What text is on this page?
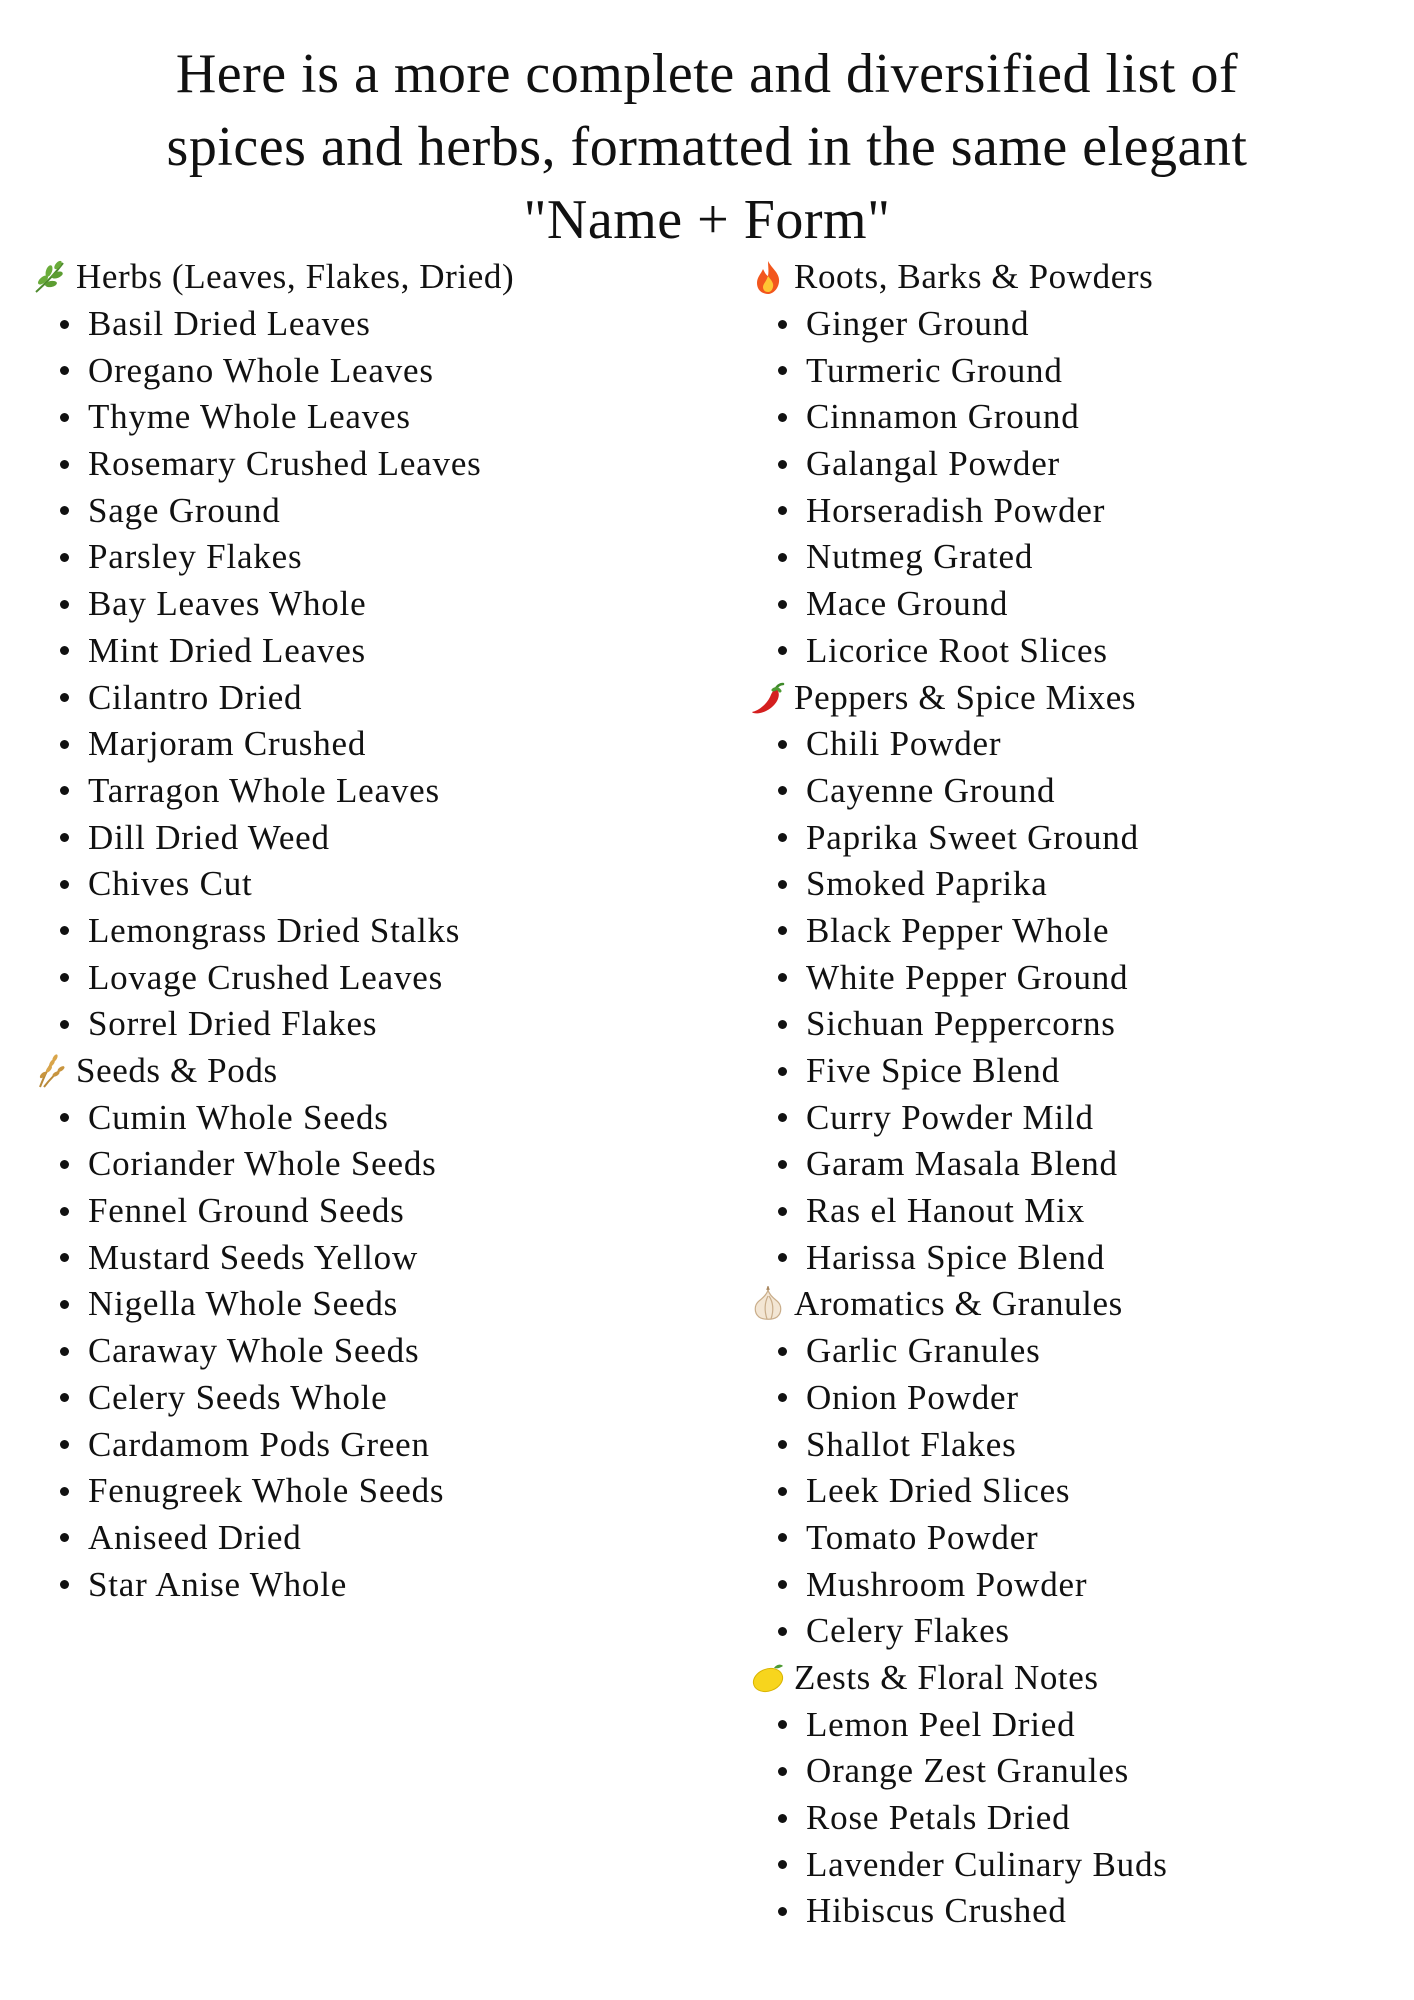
Here is a more complete and diversified list of spices and herbs, formatted in the same elegant "Name + Form"
Herbs (Leaves, Flakes, Dried)
Basil Dried Leaves
Oregano Whole Leaves
Thyme Whole Leaves
Rosemary Crushed Leaves
Sage Ground
Parsley Flakes
Bay Leaves Whole
Mint Dried Leaves
Cilantro Dried
Marjoram Crushed
Tarragon Whole Leaves
Dill Dried Weed
Chives Cut
Lemongrass Dried Stalks
Lovage Crushed Leaves
Sorrel Dried Flakes
Seeds & Pods
Cumin Whole Seeds
Coriander Whole Seeds
Fennel Ground Seeds
Mustard Seeds Yellow
Nigella Whole Seeds
Caraway Whole Seeds
Celery Seeds Whole
Cardamom Pods Green
Fenugreek Whole Seeds
Aniseed Dried
Star Anise Whole
Roots, Barks & Powders
Ginger Ground
Turmeric Ground
Cinnamon Ground
Galangal Powder
Horseradish Powder
Nutmeg Grated
Mace Ground
Licorice Root Slices
Peppers & Spice Mixes
Chili Powder
Cayenne Ground
Paprika Sweet Ground
Smoked Paprika
Black Pepper Whole
White Pepper Ground
Sichuan Peppercorns
Five Spice Blend
Curry Powder Mild
Garam Masala Blend
Ras el Hanout Mix
Harissa Spice Blend
Aromatics & Granules
Garlic Granules
Onion Powder
Shallot Flakes
Leek Dried Slices
Tomato Powder
Mushroom Powder
Celery Flakes
Zests & Floral Notes
Lemon Peel Dried
Orange Zest Granules
Rose Petals Dried
Lavender Culinary Buds
Hibiscus Crushed
